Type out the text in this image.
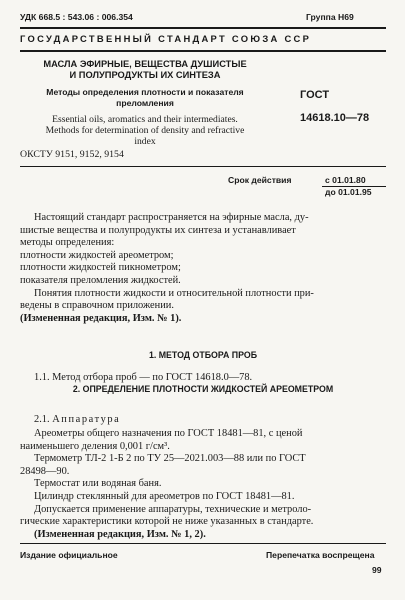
УДК 668.5 : 543.06 : 006.354	Группа Н69
ГОСУДАРСТВЕННЫЙ СТАНДАРТ СОЮЗА ССР
МАСЛА ЭФИРНЫЕ, ВЕЩЕСТВА ДУШИСТЫЕ
И ПОЛУПРОДУКТЫ ИХ СИНТЕЗА
Методы определения плотности и показателя
преломления
Essential oils, aromatics and their intermediates.
Methods for determination of density and refractive
index
ОКСТУ 9151, 9152, 9154
ГОСТ
14618.10—78
Срок действия	с 01.01.80
до 01.01.95
Настоящий стандарт распространяется на эфирные масла, ду-
шистые вещества и полупродукты их синтеза и устанавливает
методы определения:
плотности жидкостей ареометром;
плотности жидкостей пикнометром;
показателя преломления жидкостей.
Понятия плотности жидкости и относительной плотности при-
ведены в справочном приложении.
(Измененная редакция, Изм. № 1).
1. МЕТОД ОТБОРА ПРОБ
1.1. Метод отбора проб — по ГОСТ 14618.0—78.
2. ОПРЕДЕЛЕНИЕ ПЛОТНОСТИ ЖИДКОСТЕЙ АРЕОМЕТРОМ
2.1. Аппаратура
Ареометры общего назначения по ГОСТ 18481—81, с ценой
наименьшего деления 0,001 г/см³.
Термометр ТЛ-2 1-Б 2 по ТУ 25—2021.003—88 или по ГОСТ
28498—90.
Термостат или водяная баня.
Цилиндр стеклянный для ареометров по ГОСТ 18481—81.
Допускается применение аппаратуры, технические и метроло-
гические характеристики которой не ниже указанных в стандарте.
(Измененная редакция, Изм. № 1, 2).
Издание официальное	Перепечатка воспрещена
99
